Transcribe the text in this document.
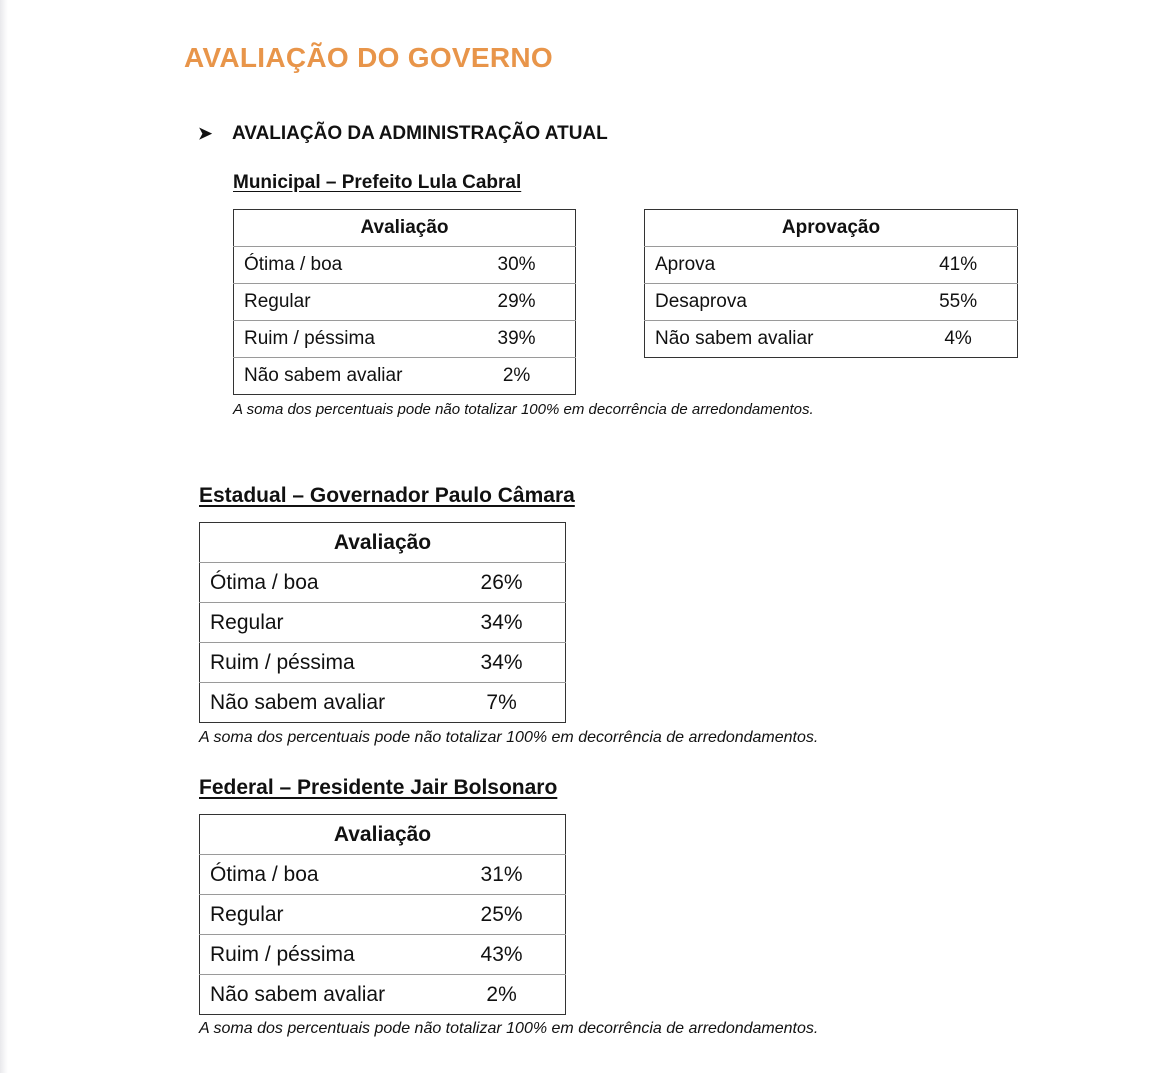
AVALIAÇÃO DO GOVERNO
➤	AVALIAÇÃO DA ADMINISTRAÇÃO ATUAL
Municipal – Prefeito Lula Cabral
Avaliação	
Ótima / boa	30%
Regular	29%
Ruim / péssima	39%
Não sabem avaliar	2%
Aprovação	
Aprova	41%
Desaprova	55%
Não sabem avaliar	4%
A soma dos percentuais pode não totalizar 100% em decorrência de arredondamentos.
Estadual – Governador Paulo Câmara
Avaliação	
Ótima / boa	26%
Regular	34%
Ruim / péssima	34%
Não sabem avaliar	7%
A soma dos percentuais pode não totalizar 100% em decorrência de arredondamentos.
Federal – Presidente Jair Bolsonaro
Avaliação	
Ótima / boa	31%
Regular	25%
Ruim / péssima	43%
Não sabem avaliar	2%
A soma dos percentuais pode não totalizar 100% em decorrência de arredondamentos.
